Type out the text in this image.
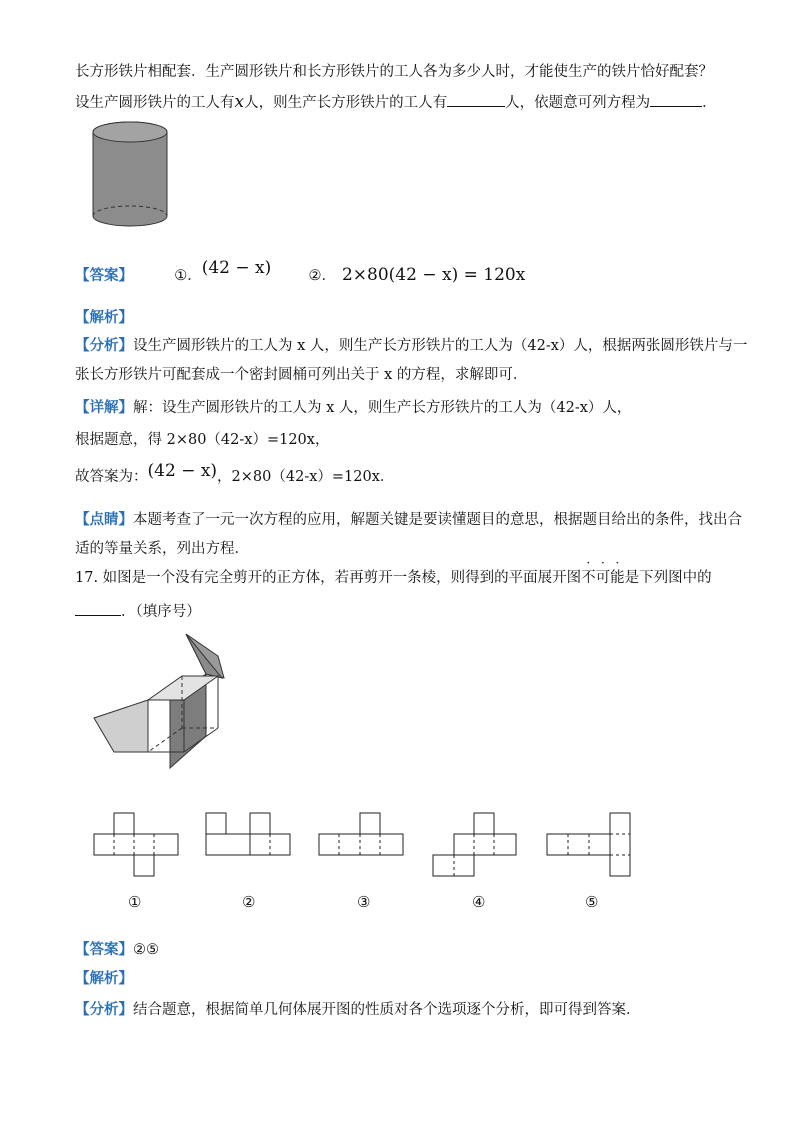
长方形铁片相配套．生产圆形铁片和长方形铁片的工人各为多少人时，才能使生产的铁片恰好配套？
设生产圆形铁片的工人有x人，则生产长方形铁片的工人有	人，依题意可列方程为	．
【答案】	①．(42 − x)	②． 2×80(42 − x) = 120x
【解析】
【分析】设生产圆形铁片的工人为 x 人，则生产长方形铁片的工人为（42-x）人，根据两张圆形铁片与一
张长方形铁片可配套成一个密封圆桶可列出关于 x 的方程，求解即可．
【详解】解：设生产圆形铁片的工人为 x 人，则生产长方形铁片的工人为（42-x）人，
根据题意，得 2×80（42-x）=120x，
故答案为：(42 − x)，2×80（42-x）=120x．
【点睛】本题考查了一元一次方程的应用，解题关键是要读懂题目的意思，根据题目给出的条件，找出合
适的等量关系，列出方程．
17. 如图是一个没有完全剪开的正方体，若再剪开一条棱，则得到的平面展开图
·
不
·
可
·
能是下列图中的
．（填序号）
①	②	③	④	⑤
【答案】②⑤
【解析】
【分析】结合题意，根据简单几何体展开图的性质对各个选项逐个分析，即可得到答案．
